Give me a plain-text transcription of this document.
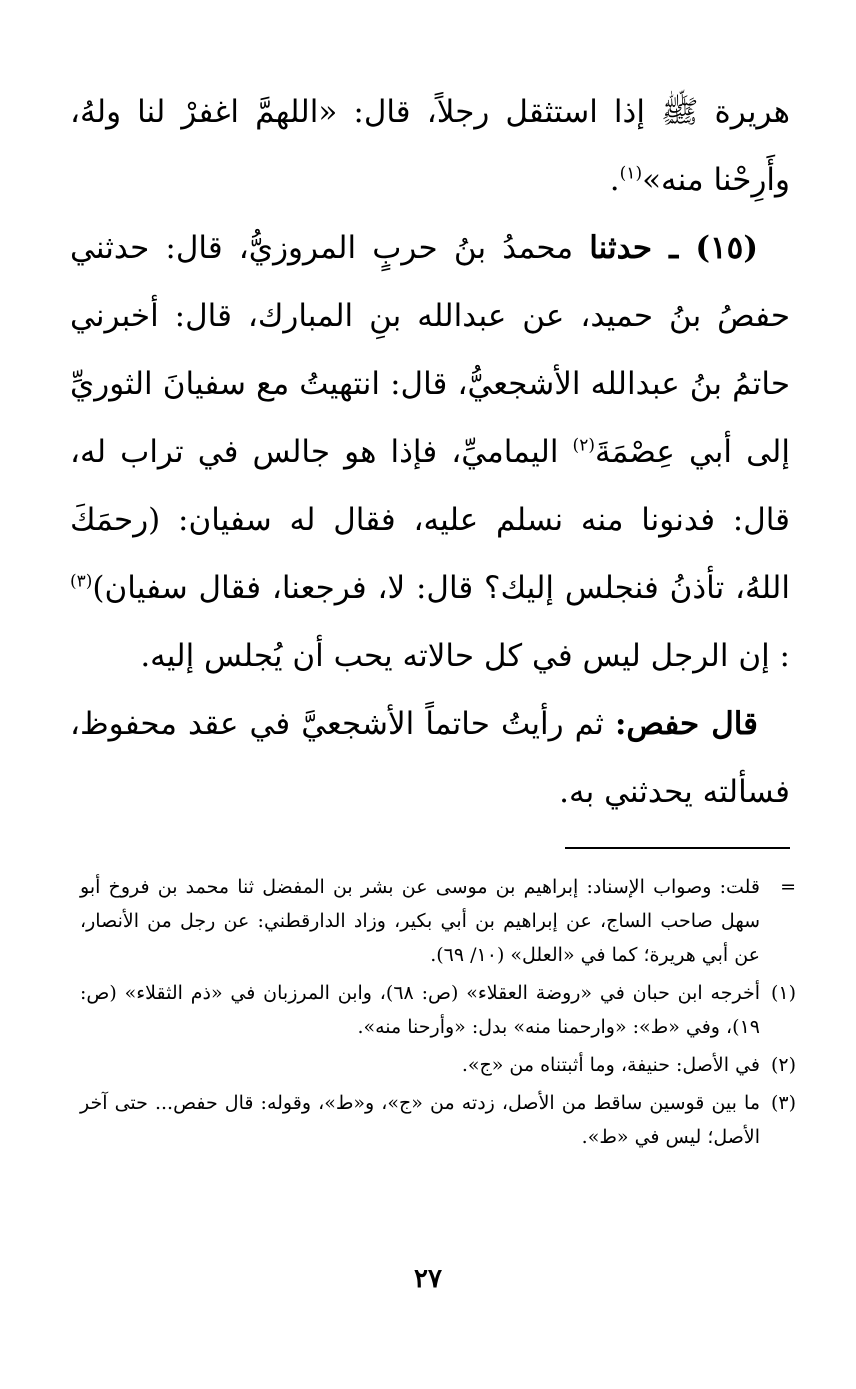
هريرة ﷺ إذا استثقل رجلاً، قال: «اللهمَّ اغفرْ لنا ولهُ، وأَرِحْنا منه»$^{(١)}$.

(١٥) ـ حدثنا محمدُ بنُ حربٍ المروزيُّ، قال: حدثني حفصُ بنُ حميد، عن عبدالله بنِ المبارك، قال: أخبرني حاتمُ بنُ عبدالله الأشجعيُّ، قال: انتهيتُ مع سفيانَ الثوريِّ إلى أبي عِصْمَةَ$^{(٢)}$ اليماميِّ، فإذا هو جالس في تراب له، قال: فدنونا منه نسلم عليه، فقال له سفيان: (رحمَكَ اللهُ، تأذنُ فنجلس إليك؟ قال: لا، فرجعنا، فقال سفيان)$^{(٣)}$ : إن الرجل ليس في كل حالاته يحب أن يُجلس إليه.

قال حفص: ثم رأيتُ حاتماً الأشجعيَّ في عقد محفوظ، فسألته يحدثني به.

=
قلت: وصواب الإسناد: إبراهيم بن موسى عن بشر بن المفضل ثنا محمد بن فروخ أبو سهل صاحب الساج، عن إبراهيم بن أبي بكير، وزاد الدارقطني: عن رجل من الأنصار، عن أبي هريرة؛ كما في «العلل» (١٠/ ٦٩).
(١)
أخرجه ابن حبان في «روضة العقلاء» (ص: ٦٨)، وابن المرزبان في «ذم الثقلاء» (ص: ١٩)، وفي «ط»: «وارحمنا منه» بدل: «وأرحنا منه».
(٢)
في الأصل: حنيفة، وما أثبتناه من «ج».
(٣)
ما بين قوسين ساقط من الأصل، زدته من «ج»، و«ط»، وقوله: قال حفص... حتى آخر الأصل؛ ليس في «ط».
٢٧
